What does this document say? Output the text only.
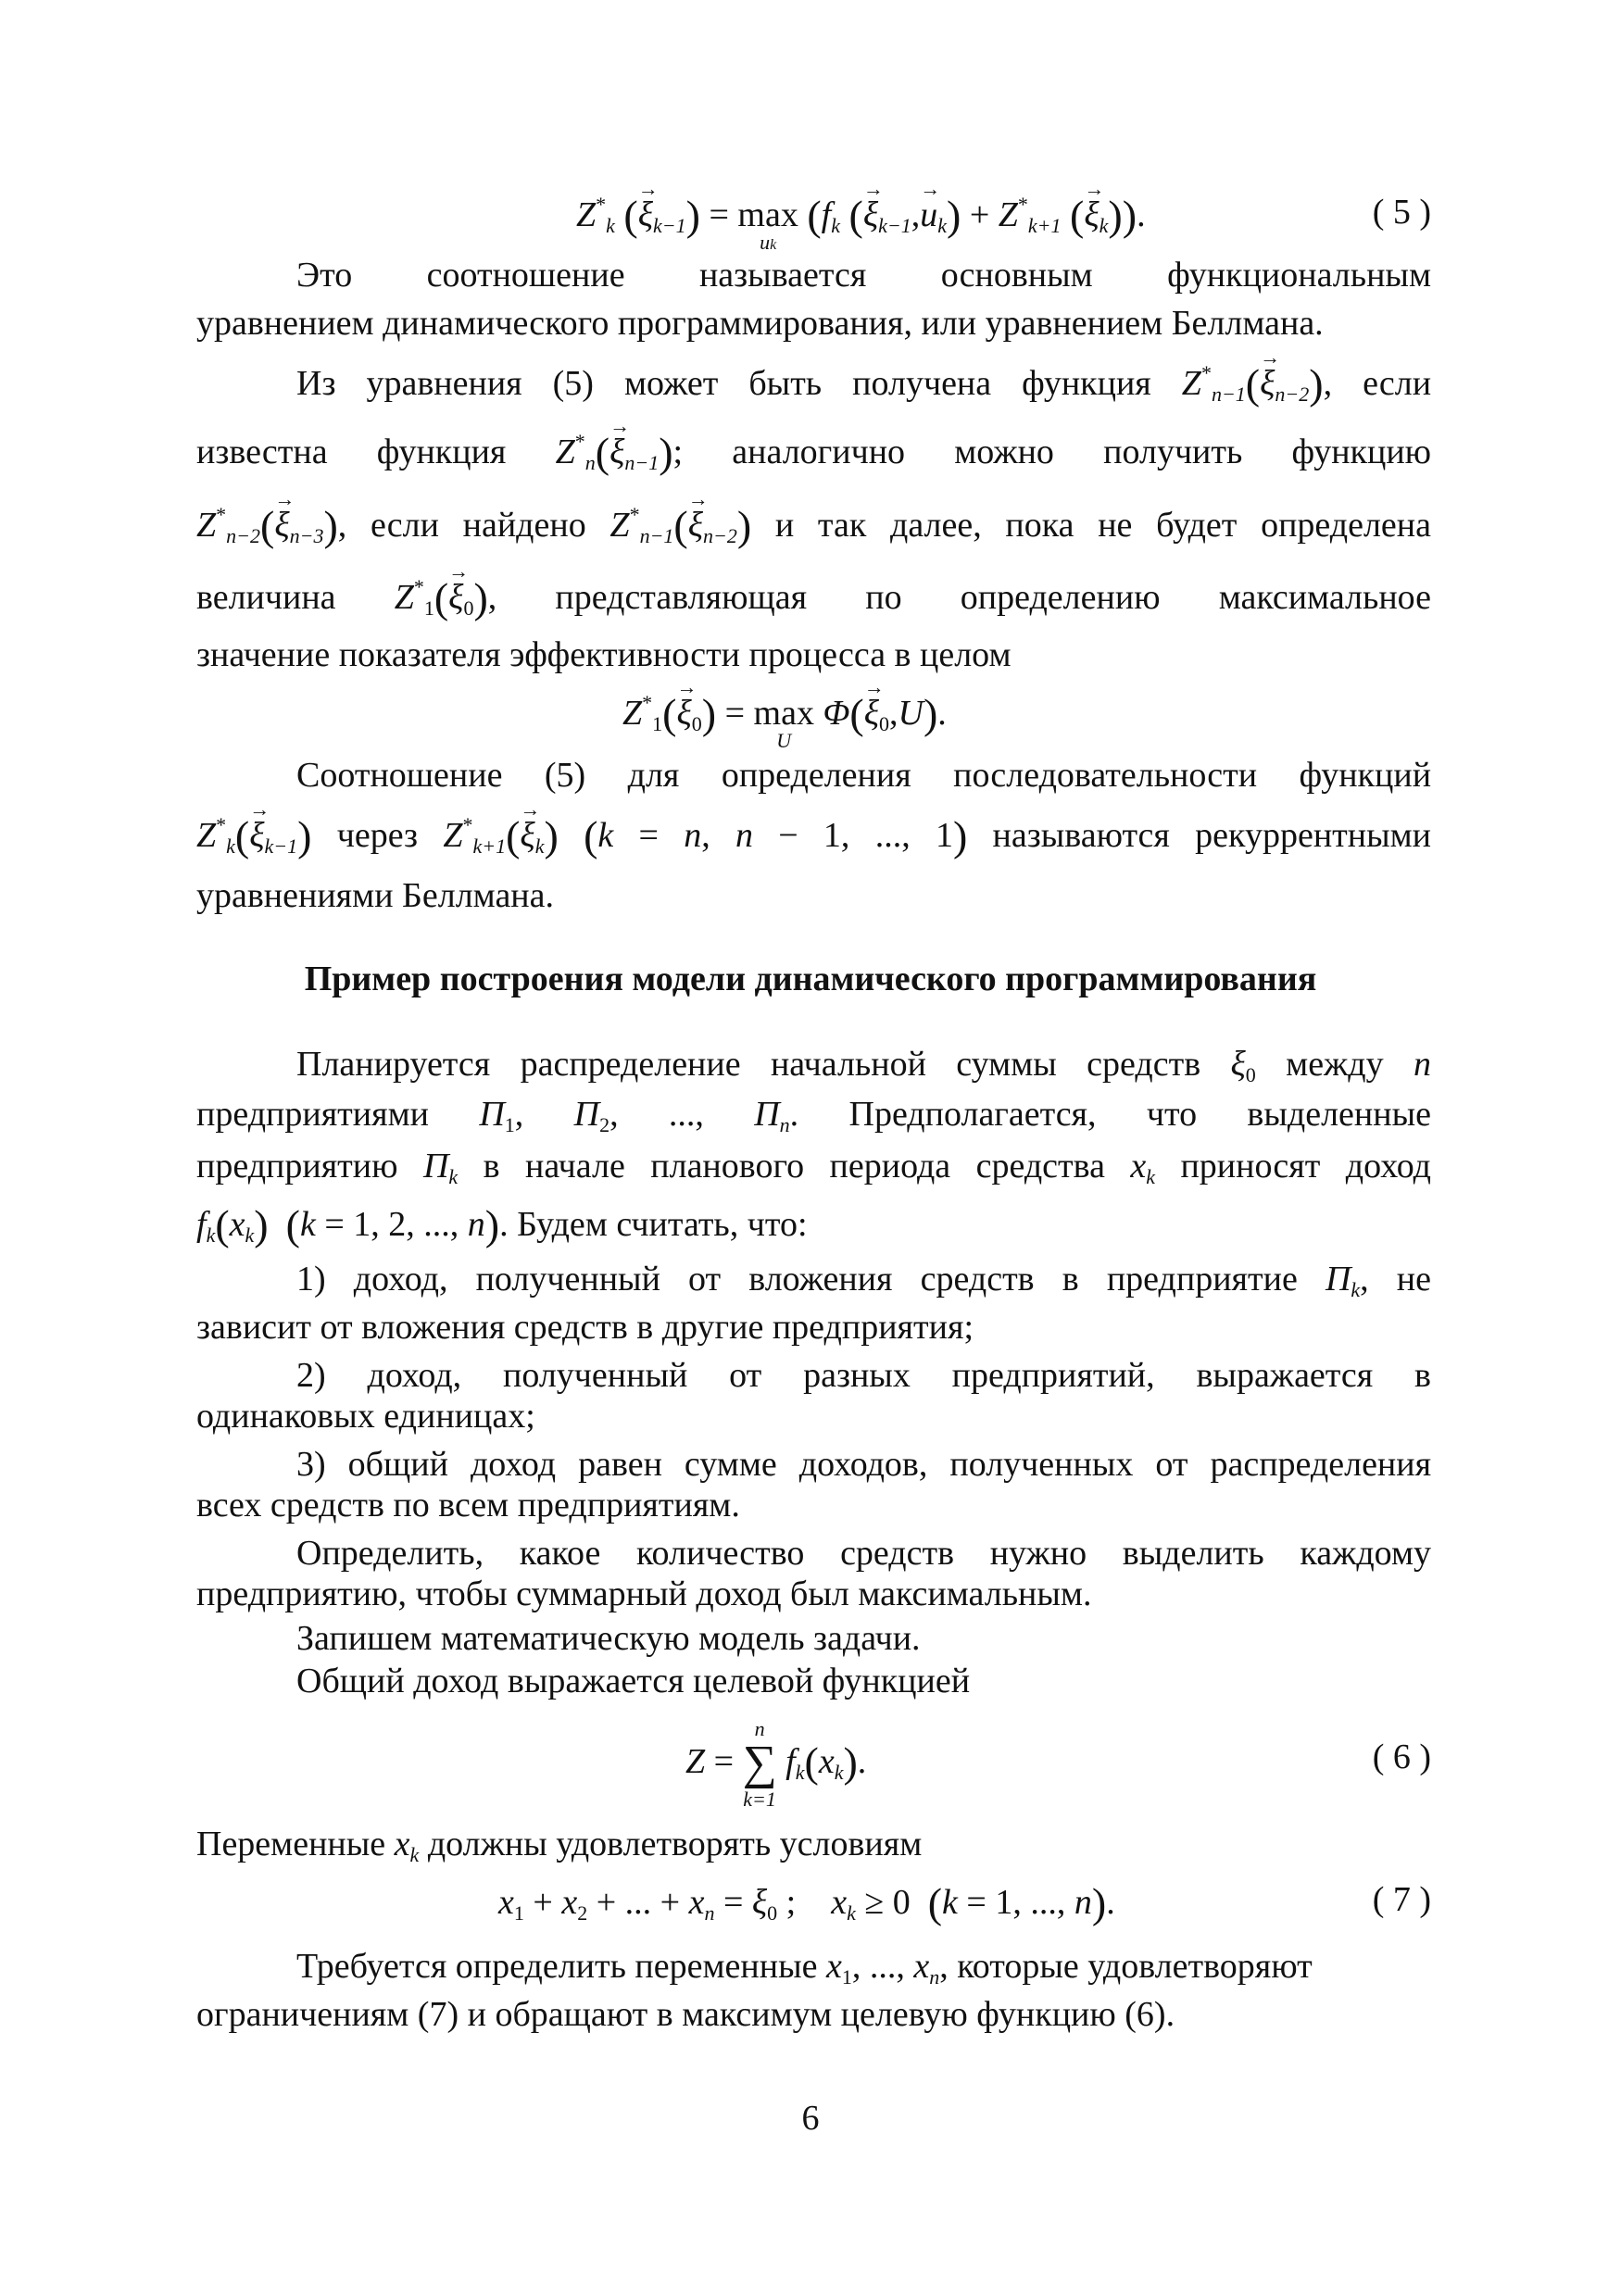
Z*k (→ ξk−1) = max
uk
(fk (→ ξk−1,→ uk) + Z*k+1 (→ ξk)).	( 5 )
Это соотношение называется основным функциональным
уравнением динамического программирования, или уравнением Беллмана.
Из уравнения (5) может быть получена функция Z*n−1(→ ξn−2), если
известна функция Z*n(→ ξn−1); аналогично можно получить функцию
Z*n−2(→ ξn−3), если найдено Z*n−1(→ ξn−2) и так далее, пока не будет определена
величина Z*1(→ ξ0), представляющая по определению максимальное
значение показателя эффективности процесса в целом
Z*1(→ ξ0) = max
U
Φ(→ ξ0,U).
Соотношение (5) для определения последовательности функций
Z*k(→ ξk−1) через Z*k+1(→ ξk) (k = n, n − 1, ..., 1) называются рекуррентными
уравнениями Беллмана.
Пример построения модели динамического программирования
Планируется распределение начальной суммы средств ξ0 между n
предприятиями П1, П2, ..., Пn. Предполагается, что выделенные
предприятию Пk в начале планового периода средства xk приносят доход
fk(xk) (k = 1, 2, ..., n). Будем считать, что:
1) доход, полученный от вложения средств в предприятие Пk, не
зависит от вложения средств в другие предприятия;
2) доход, полученный от разных предприятий, выражается в
одинаковых единицах;
3) общий доход равен сумме доходов, полученных от распределения
всех средств по всем предприятиям.
Определить, какое количество средств нужно выделить каждому
предприятию, чтобы суммарный доход был максимальным.
Запишем математическую модель задачи.
Общий доход выражается целевой функцией
Z = ∑
n
k=1
fk(xk).	( 6 )
Переменные xk должны удовлетворять условиям
x1 + x2 + ... + xn = ξ0 ;    xk ≥ 0  (k = 1, ..., n).	( 7 )
Требуется определить переменные x1, ..., xn, которые удовлетворяют
ограничениям (7) и обращают в максимум целевую функцию (6).
6
